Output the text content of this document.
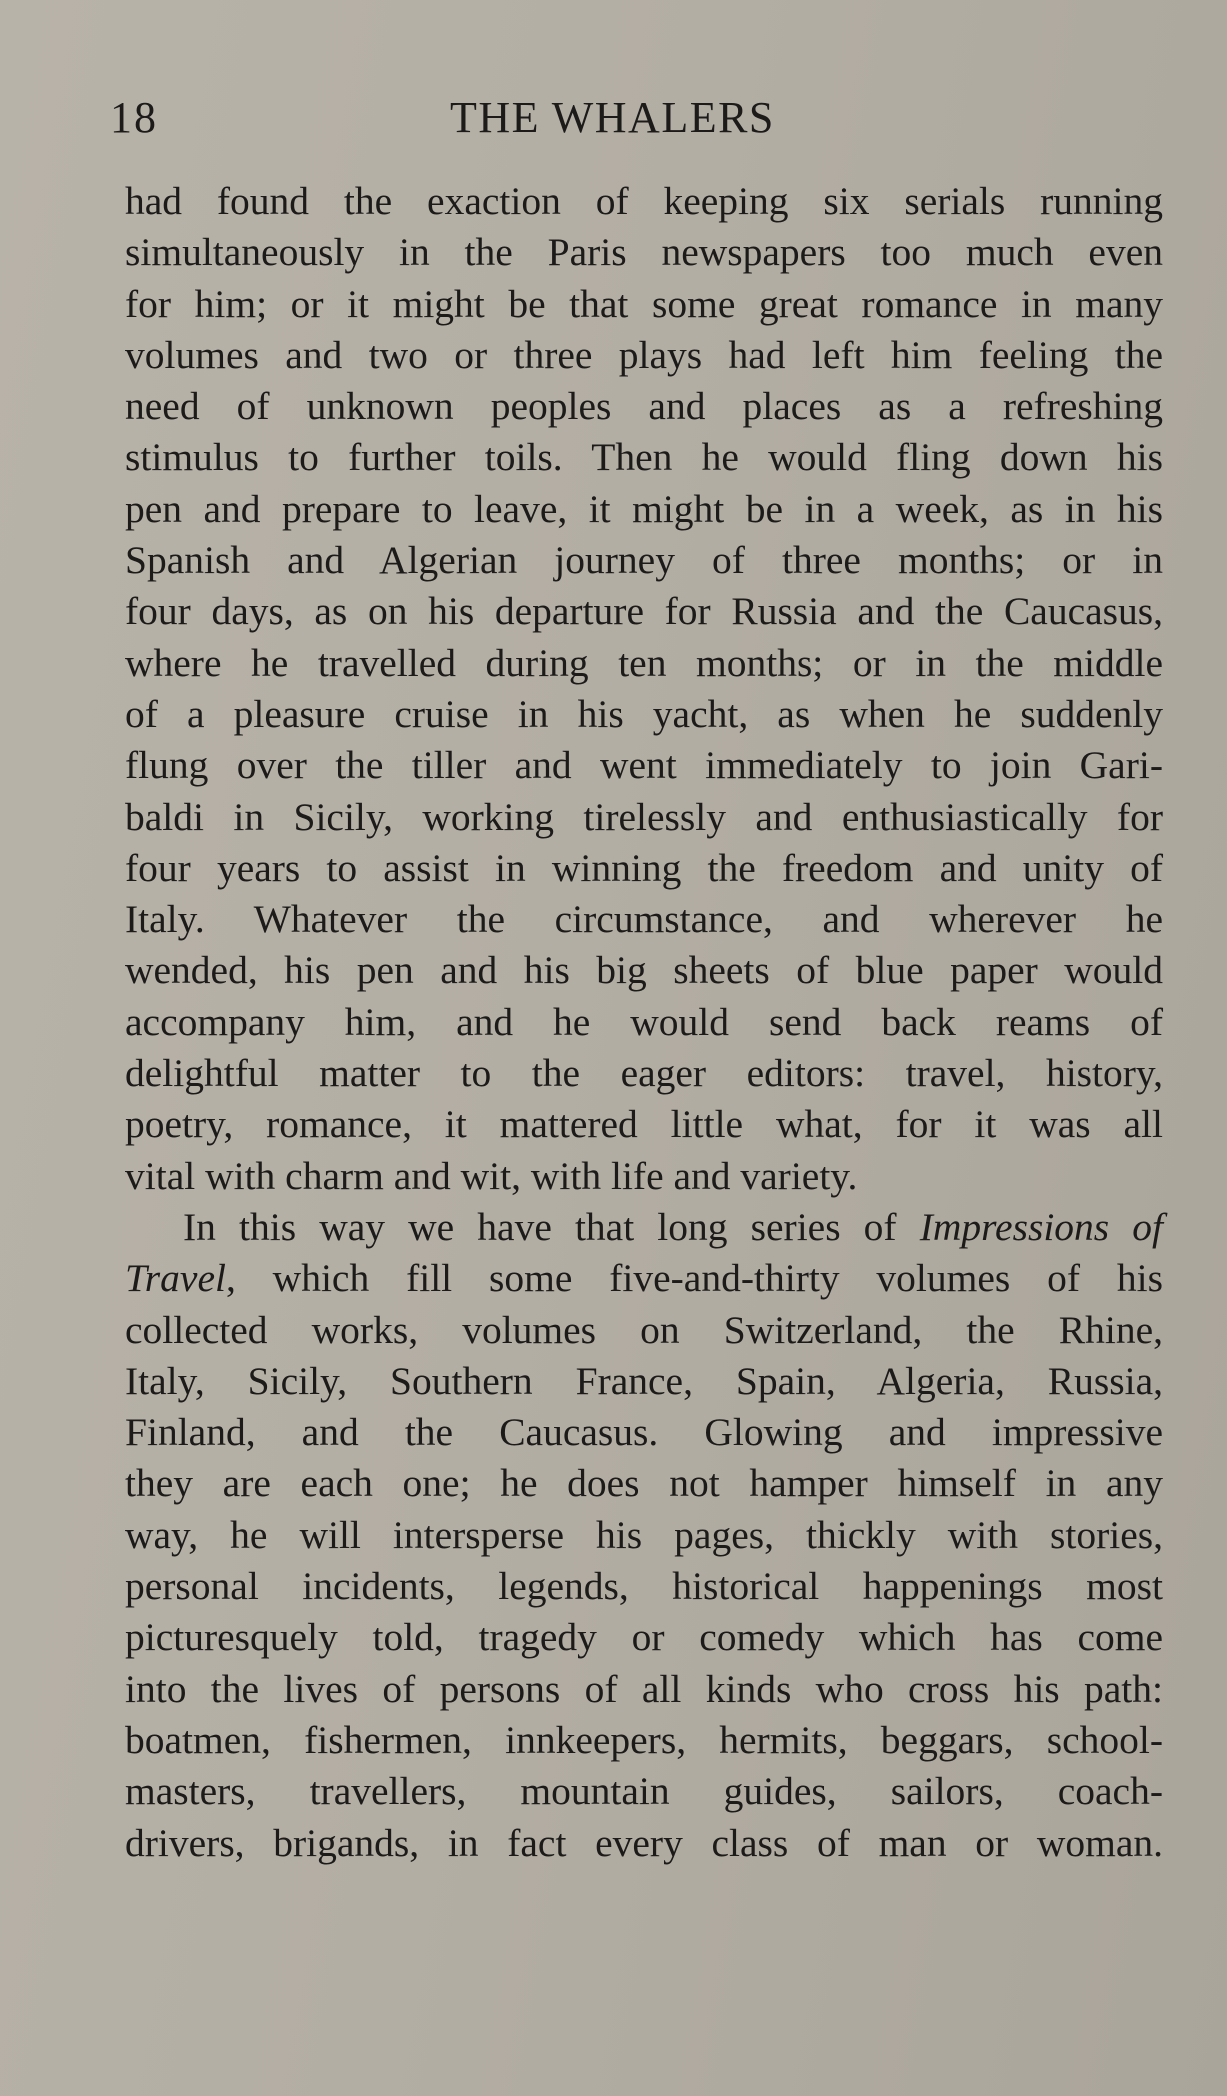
18	THE WHALERS
had found the exaction of keeping six serials running
simultaneously in the Paris newspapers too much even
for him; or it might be that some great romance in many
volumes and two or three plays had left him feeling the
need of unknown peoples and places as a refreshing
stimulus to further toils. Then he would fling down his
pen and prepare to leave, it might be in a week, as in his
Spanish and Algerian journey of three months; or in
four days, as on his departure for Russia and the Caucasus,
where he travelled during ten months; or in the middle
of a pleasure cruise in his yacht, as when he suddenly
flung over the tiller and went immediately to join Gari-
baldi in Sicily, working tirelessly and enthusiastically for
four years to assist in winning the freedom and unity of
Italy. Whatever the circumstance, and wherever he
wended, his pen and his big sheets of blue paper would
accompany him, and he would send back reams of
delightful matter to the eager editors: travel, history,
poetry, romance, it mattered little what, for it was all
vital with charm and wit, with life and variety.
In this way we have that long series of Impressions of
Travel, which fill some five-and-thirty volumes of his
collected works, volumes on Switzerland, the Rhine,
Italy, Sicily, Southern France, Spain, Algeria, Russia,
Finland, and the Caucasus. Glowing and impressive
they are each one; he does not hamper himself in any
way, he will intersperse his pages, thickly with stories,
personal incidents, legends, historical happenings most
picturesquely told, tragedy or comedy which has come
into the lives of persons of all kinds who cross his path:
boatmen, fishermen, innkeepers, hermits, beggars, school-
masters, travellers, mountain guides, sailors, coach-
drivers, brigands, in fact every class of man or woman.
